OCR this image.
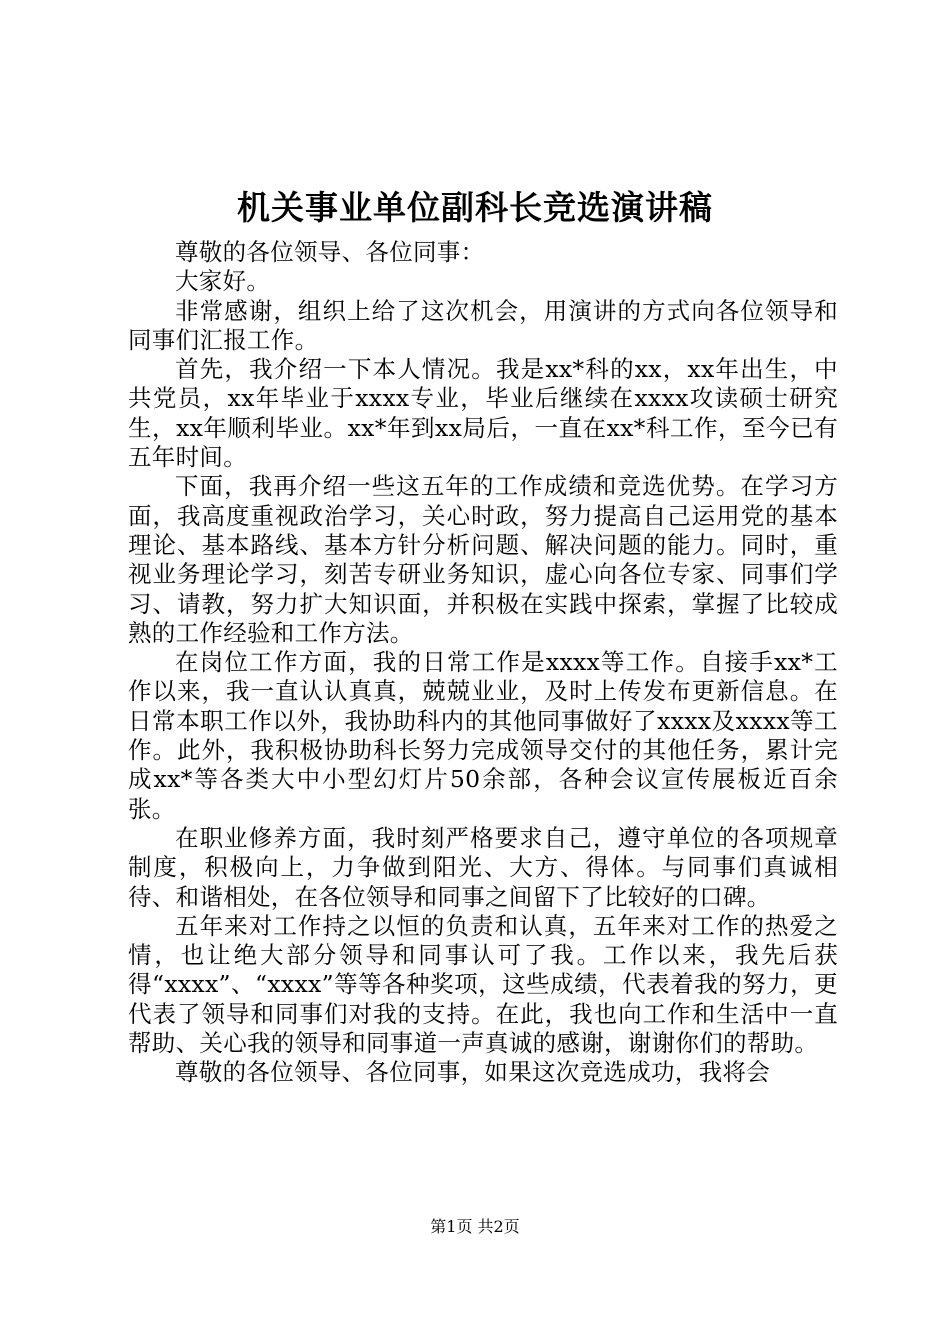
机关事业单位副科长竞选演讲稿

尊敬的各位领导、各位同事：

大家好。

非常感谢，组织上给了这次机会，用演讲的方式向各位领导和同事们汇报工作。

首先，我介绍一下本人情况。我是xx*科的xx，xx年出生，中共党员，xx年毕业于xxxx专业，毕业后继续在xxxx攻读硕士研究生，xx年顺利毕业。xx*年到xx局后，一直在xx*科工作，至今已有五年时间。

下面，我再介绍一些这五年的工作成绩和竞选优势。在学习方面，我高度重视政治学习，关心时政，努力提高自己运用党的基本理论、基本路线、基本方针分析问题、解决问题的能力。同时，重视业务理论学习，刻苦专研业务知识，虚心向各位专家、同事们学习、请教，努力扩大知识面，并积极在实践中探索，掌握了比较成熟的工作经验和工作方法。

在岗位工作方面，我的日常工作是xxxx等工作。自接手xx*工作以来，我一直认认真真，兢兢业业，及时上传发布更新信息。在日常本职工作以外，我协助科内的其他同事做好了xxxx及xxxx等工作。此外，我积极协助科长努力完成领导交付的其他任务，累计完成xx*等各类大中小型幻灯片50余部，各种会议宣传展板近百余张。

在职业修养方面，我时刻严格要求自己，遵守单位的各项规章制度，积极向上，力争做到阳光、大方、得体。与同事们真诚相待、和谐相处，在各位领导和同事之间留下了比较好的口碑。

五年来对工作持之以恒的负责和认真，五年来对工作的热爱之情，也让绝大部分领导和同事认可了我。工作以来，我先后获得“xxxx”、“xxxx”等等各种奖项，这些成绩，代表着我的努力，更代表了领导和同事们对我的支持。在此，我也向工作和生活中一直帮助、关心我的领导和同事道一声真诚的感谢，谢谢你们的帮助。

尊敬的各位领导、各位同事，如果这次竞选成功，我将会

第1页 共2页
